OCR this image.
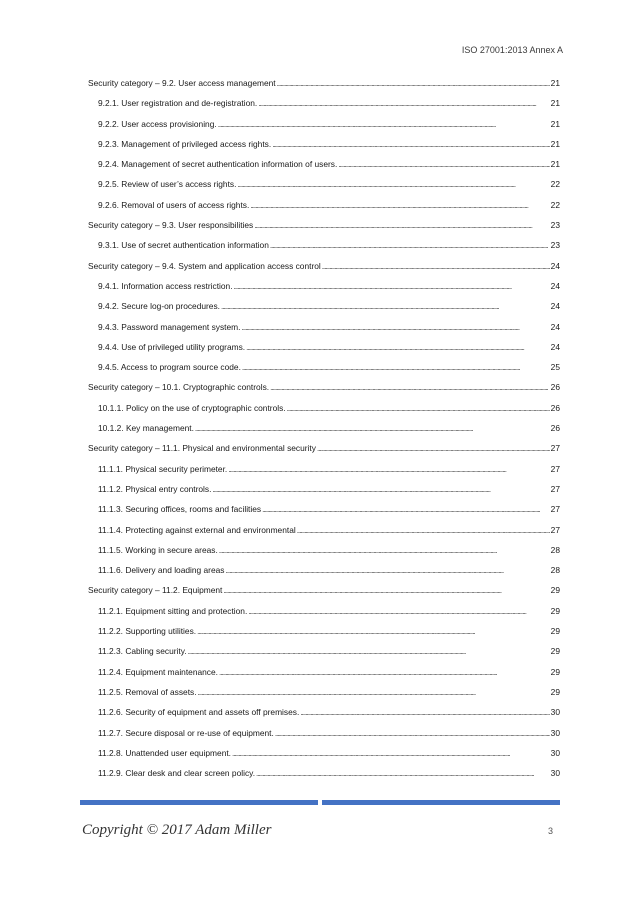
ISO 27001:2013 Annex A
Security category – 9.2. User access management . . .	21
9.2.1. User registration and de-registration. . . .	21
9.2.2. User access provisioning. . . .	21
9.2.3. Management of privileged access rights. . . .	21
9.2.4. Management of secret authentication information of users. . . .	21
9.2.5. Review of user’s access rights. . . .	22
9.2.6. Removal of users of access rights. . . .	22
Security category – 9.3. User responsibilities . . .	23
9.3.1. Use of secret authentication information . . .	23
Security category – 9.4. System and application access control . . .	24
9.4.1. Information access restriction. . . .	24
9.4.2. Secure log-on procedures. . . .	24
9.4.3. Password management system. . . .	24
9.4.4. Use of privileged utility programs. . . .	24
9.4.5. Access to program source code. . . .	25
Security category – 10.1. Cryptographic controls. . . .	26
10.1.1. Policy on the use of cryptographic controls. . . .	26
10.1.2. Key management. . . .	26
Security category – 11.1. Physical and environmental security . . .	27
11.1.1. Physical security perimeter. . . .	27
11.1.2. Physical entry controls. . . .	27
11.1.3. Securing offices, rooms and facilities . . .	27
11.1.4. Protecting against external and environmental . . .	27
11.1.5. Working in secure areas. . . .	28
11.1.6. Delivery and loading areas . . .	28
Security category – 11.2. Equipment . . .	29
11.2.1. Equipment sitting and protection. . . .	29
11.2.2. Supporting utilities. . . .	29
11.2.3. Cabling security. . . .	29
11.2.4. Equipment maintenance. . . .	29
11.2.5. Removal of assets. . . .	29
11.2.6. Security of equipment and assets off premises. . . .	30
11.2.7. Secure disposal or re-use of equipment. . . .	30
11.2.8. Unattended user equipment. . . .	30
11.2.9. Clear desk and clear screen policy. . . .	30
Copyright © 2017 Adam Miller	3
